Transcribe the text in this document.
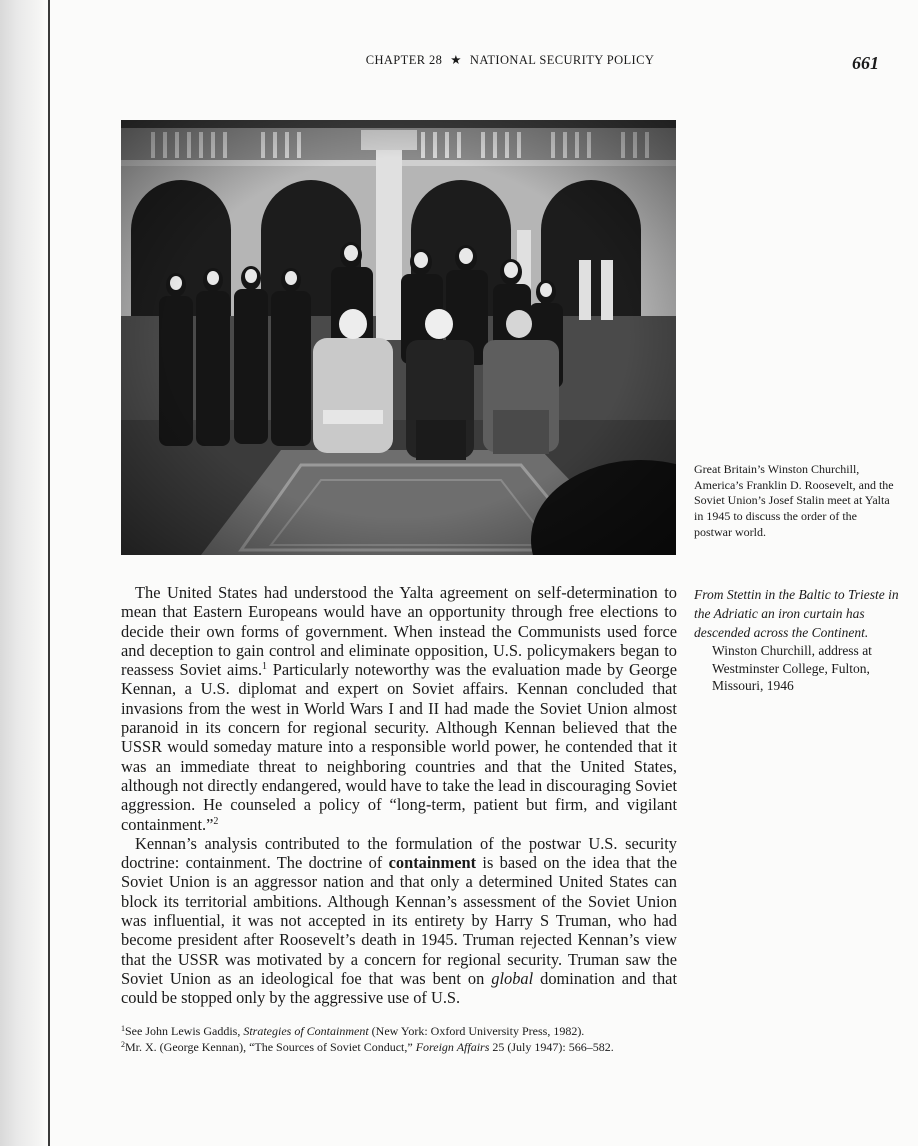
CHAPTER 28 ★ NATIONAL SECURITY POLICY	661
Great Britain’s Winston Churchill, America’s Franklin D. Roosevelt, and the Soviet Union’s Josef Stalin meet at Yalta in 1945 to discuss the order of the postwar world.
From Stettin in the Baltic to Trieste in the Adriatic an iron curtain has descended across the Continent.
Winston Churchill, address at Westminster College, Fulton, Missouri, 1946

The United States had understood the Yalta agreement on self-determination to mean that Eastern Europeans would have an opportunity through free elections to decide their own forms of government. When instead the Communists used force and deception to gain control and eliminate opposition, U.S. policymakers began to reassess Soviet aims.$^1$ Particularly noteworthy was the evaluation made by George Kennan, a U.S. diplomat and expert on Soviet affairs. Kennan concluded that invasions from the west in World Wars I and II had made the Soviet Union almost paranoid in its concern for regional security. Although Kennan believed that the USSR would someday mature into a responsible world power, he contended that it was an immediate threat to neighboring countries and that the United States, although not directly endangered, would have to take the lead in discouraging Soviet aggression. He counseled a policy of “long-term, patient but firm, and vigilant containment.”$^2$

Kennan’s analysis contributed to the formulation of the postwar U.S. security doctrine: containment. The doctrine of containment is based on the idea that the Soviet Union is an aggressor nation and that only a determined United States can block its territorial ambitions. Although Kennan’s assessment of the Soviet Union was influential, it was not accepted in its entirety by Harry S Truman, who had become president after Roosevelt’s death in 1945. Truman rejected Kennan’s view that the USSR was motivated by a concern for regional security. Truman saw the Soviet Union as an ideological foe that was bent on global domination and that could be stopped only by the aggressive use of U.S.

$^1$See John Lewis Gaddis, Strategies of Containment (New York: Oxford University Press, 1982).
$^2$Mr. X. (George Kennan), “The Sources of Soviet Conduct,” Foreign Affairs 25 (July 1947): 566–582.
